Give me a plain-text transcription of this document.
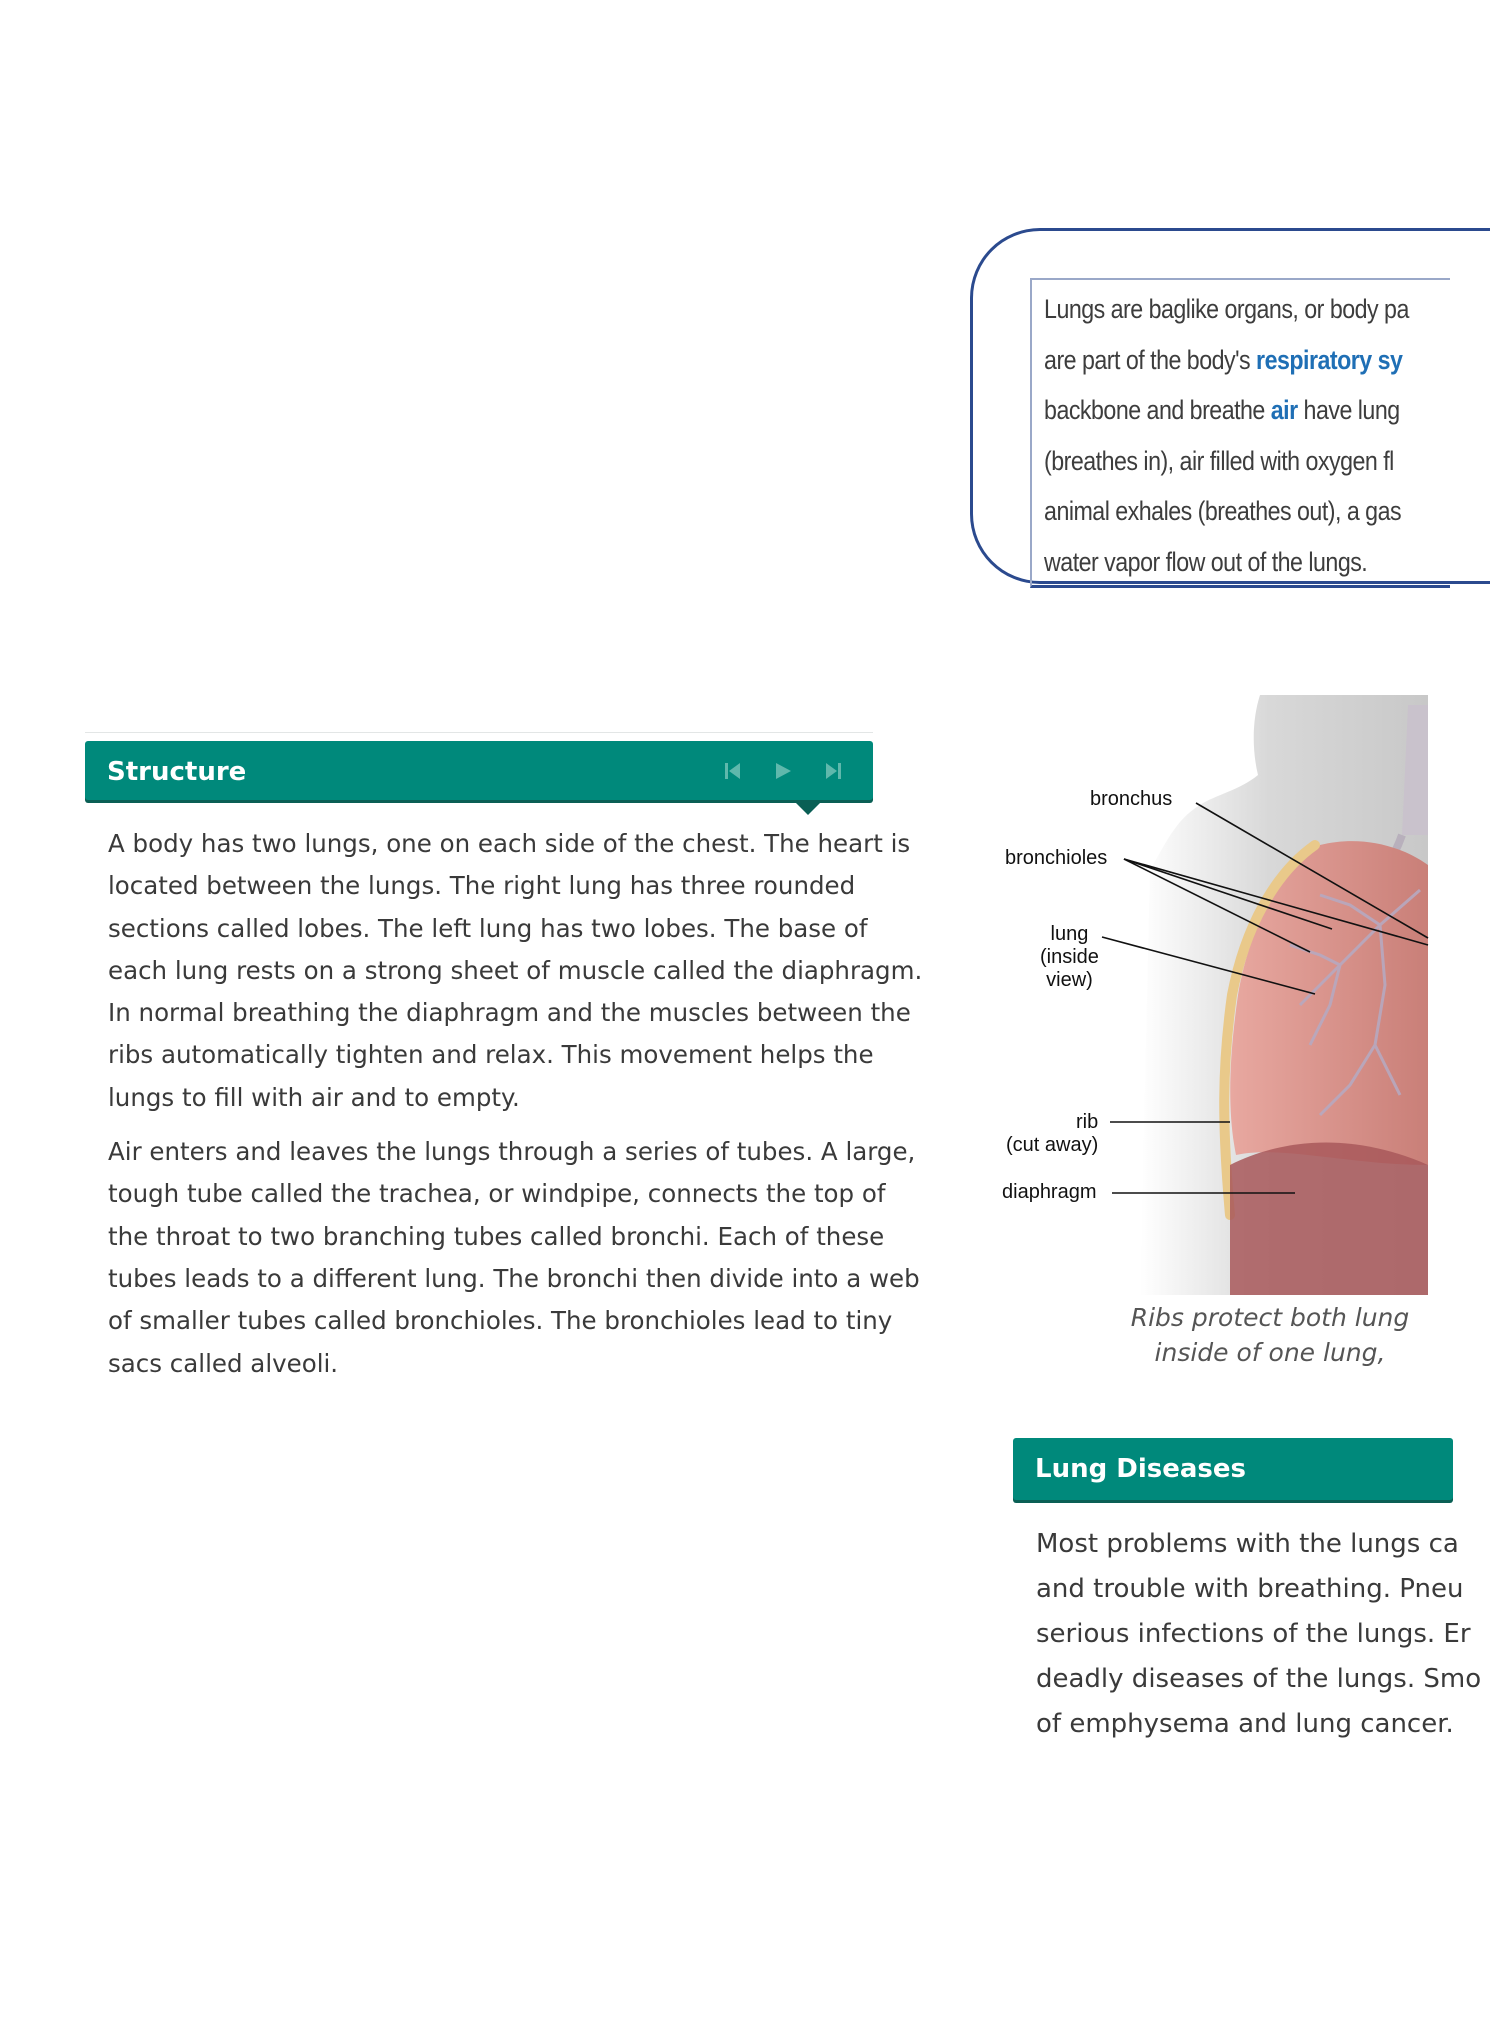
Lungs are baglike organs, or body pa
are part of the body's respiratory sy
backbone and breathe air have lung
(breathes in), air filled with oxygen fl
animal exhales (breathes out), a gas
water vapor flow out of the lungs.
Structure
A body has two lungs, one on each side of the chest. The heart is
located between the lungs. The right lung has three rounded
sections called lobes. The left lung has two lobes. The base of
each lung rests on a strong sheet of muscle called the diaphragm.
In normal breathing the diaphragm and the muscles between the
ribs automatically tighten and relax. This movement helps the
lungs to fill with air and to empty.
Air enters and leaves the lungs through a series of tubes. A large,
tough tube called the trachea, or windpipe, connects the top of
the throat to two branching tubes called bronchi. Each of these
tubes leads to a different lung. The bronchi then divide into a web
of smaller tubes called bronchioles. The bronchioles lead to tiny
sacs called alveoli.
bronchus
bronchioles
lung
(inside
view)
rib
(cut away)
diaphragm
Ribs protect both lung
inside of one lung,
Lung Diseases
Most problems with the lungs ca
and trouble with breathing. Pneu
serious infections of the lungs. Er
deadly diseases of the lungs. Smo
of emphysema and lung cancer.
